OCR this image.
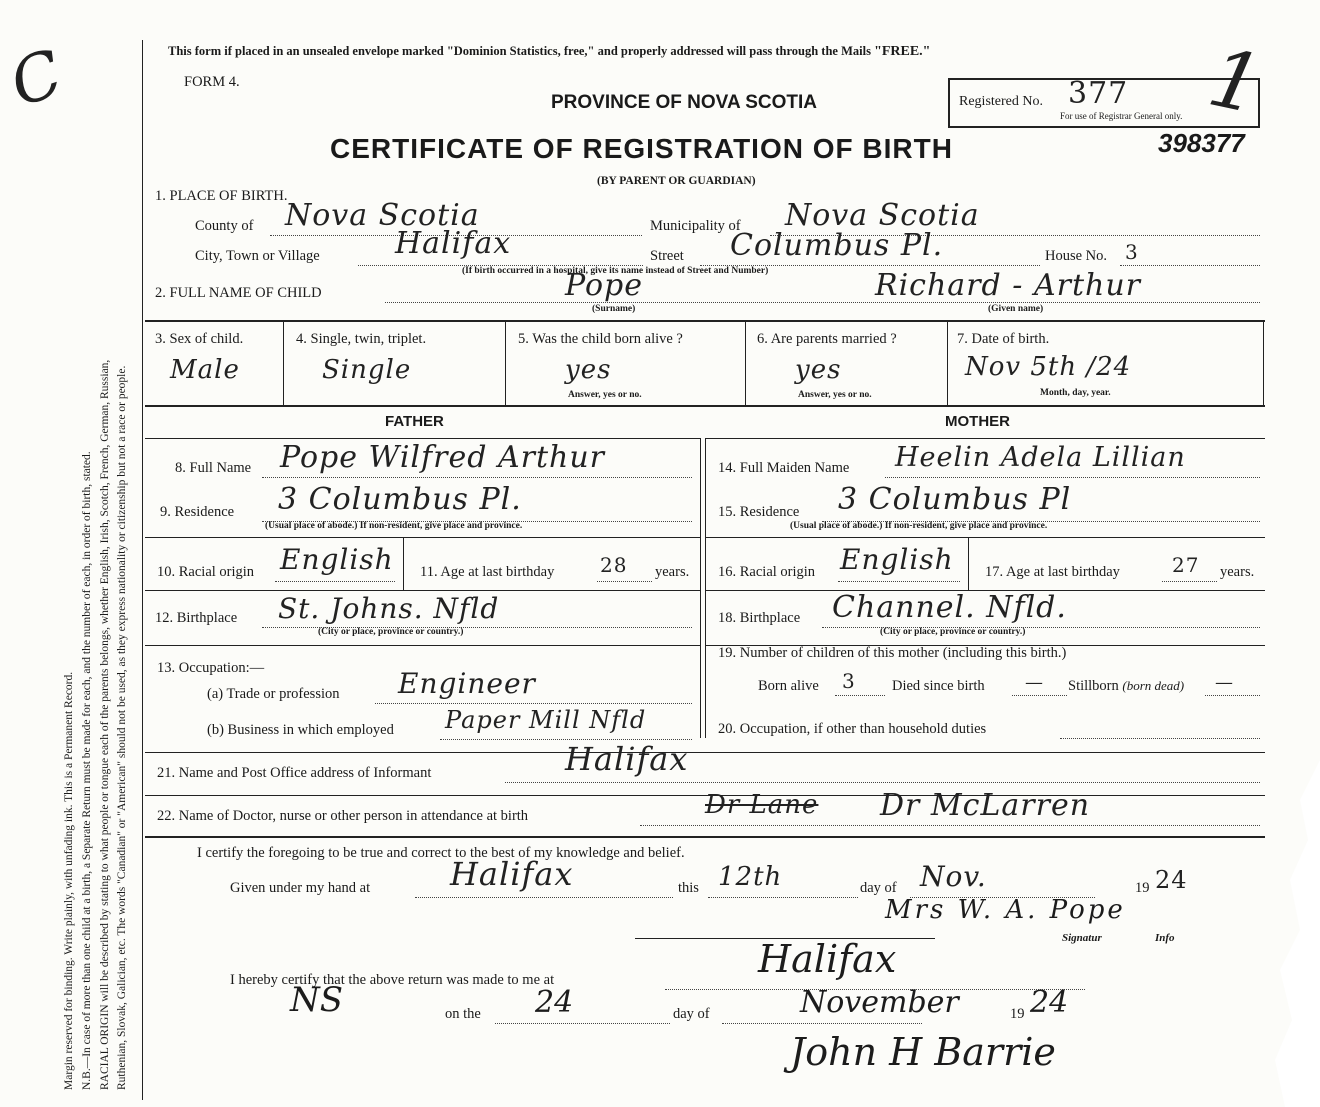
Margin reserved for binding. Write plainly, with unfading ink. This is a Permanent Record. N.B.—In case of more than one child at a birth, a Separate Return must be made for each, and the number of each, in order of birth, stated. RACIAL ORIGIN will be described by stating to what people or tongue each of the parents belongs, whether English, Irish, Scotch, French, German, Russian, Ruthenian, Slovak, Galician, etc. The words "Canadian" or "American" should not be used, as they express nationality or citizenship but not a race or people.
C	1
This form if placed in an unsealed envelope marked "Dominion Statistics, free," and properly addressed will pass through the Mails "FREE."
FORM 4.
PROVINCE OF NOVA SCOTIA
CERTIFICATE OF REGISTRATION OF BIRTH
(BY PARENT OR GUARDIAN)
Registered No. 377
For use of Registrar General only.
398377
1. PLACE OF BIRTH.
County of Nova Scotia	Municipality of Nova Scotia
City, Town or Village	Halifax	Street Columbus Pl.	House No. 3
(If birth occurred in a hospital, give its name instead of Street and Number)
2. FULL NAME OF CHILD	Pope
(Surname)
Richard - Arthur
(Given name)
3. Sex of child.
Male
4. Single, twin, triplet.
Single
5. Was the child born alive ?
yes
Answer, yes or no.
6. Are parents married ?
yes
Answer, yes or no.
7. Date of birth.
Nov 5th /24
Month, day, year.
FATHER	MOTHER
8. Full Name Pope Wilfred Arthur
9. Residence 3 Columbus Pl.
(Usual place of abode.) If non-resident, give place and province.
10. Racial origin English 11. Age at last birthday 28 years.
12. Birthplace St. Johns. Nfld
(City or place, province or country.)
13. Occupation:—
(a) Trade or profession Engineer
(b) Business in which employed Paper Mill Nfld
14. Full Maiden Name Heelin Adela Lillian
15. Residence 3 Columbus Pl
(Usual place of abode.) If non-resident, give place and province.
16. Racial origin English 17. Age at last birthday	27 years.
18. Birthplace Channel. Nfld.
(City or place, province or country.)
19. Number of children of this mother (including this birth.)
Born alive 3	Died since birth — Stillborn (born dead) —
20. Occupation, if other than household duties
21. Name and Post Office address of Informant	Halifax
22. Name of Doctor, nurse or other person in attendance at birth	Dr Lane Dr McLarren
I certify the foregoing to be true and correct to the best of my knowledge and belief.
Given under my hand at Halifax	this 12th	day of Nov.	19 24
Mrs W. A. Pope
Signatur	Info
I hereby certify that the above return was made to me at	Halifax
NS	on the 24	day of	November	19 24
John H Barrie
